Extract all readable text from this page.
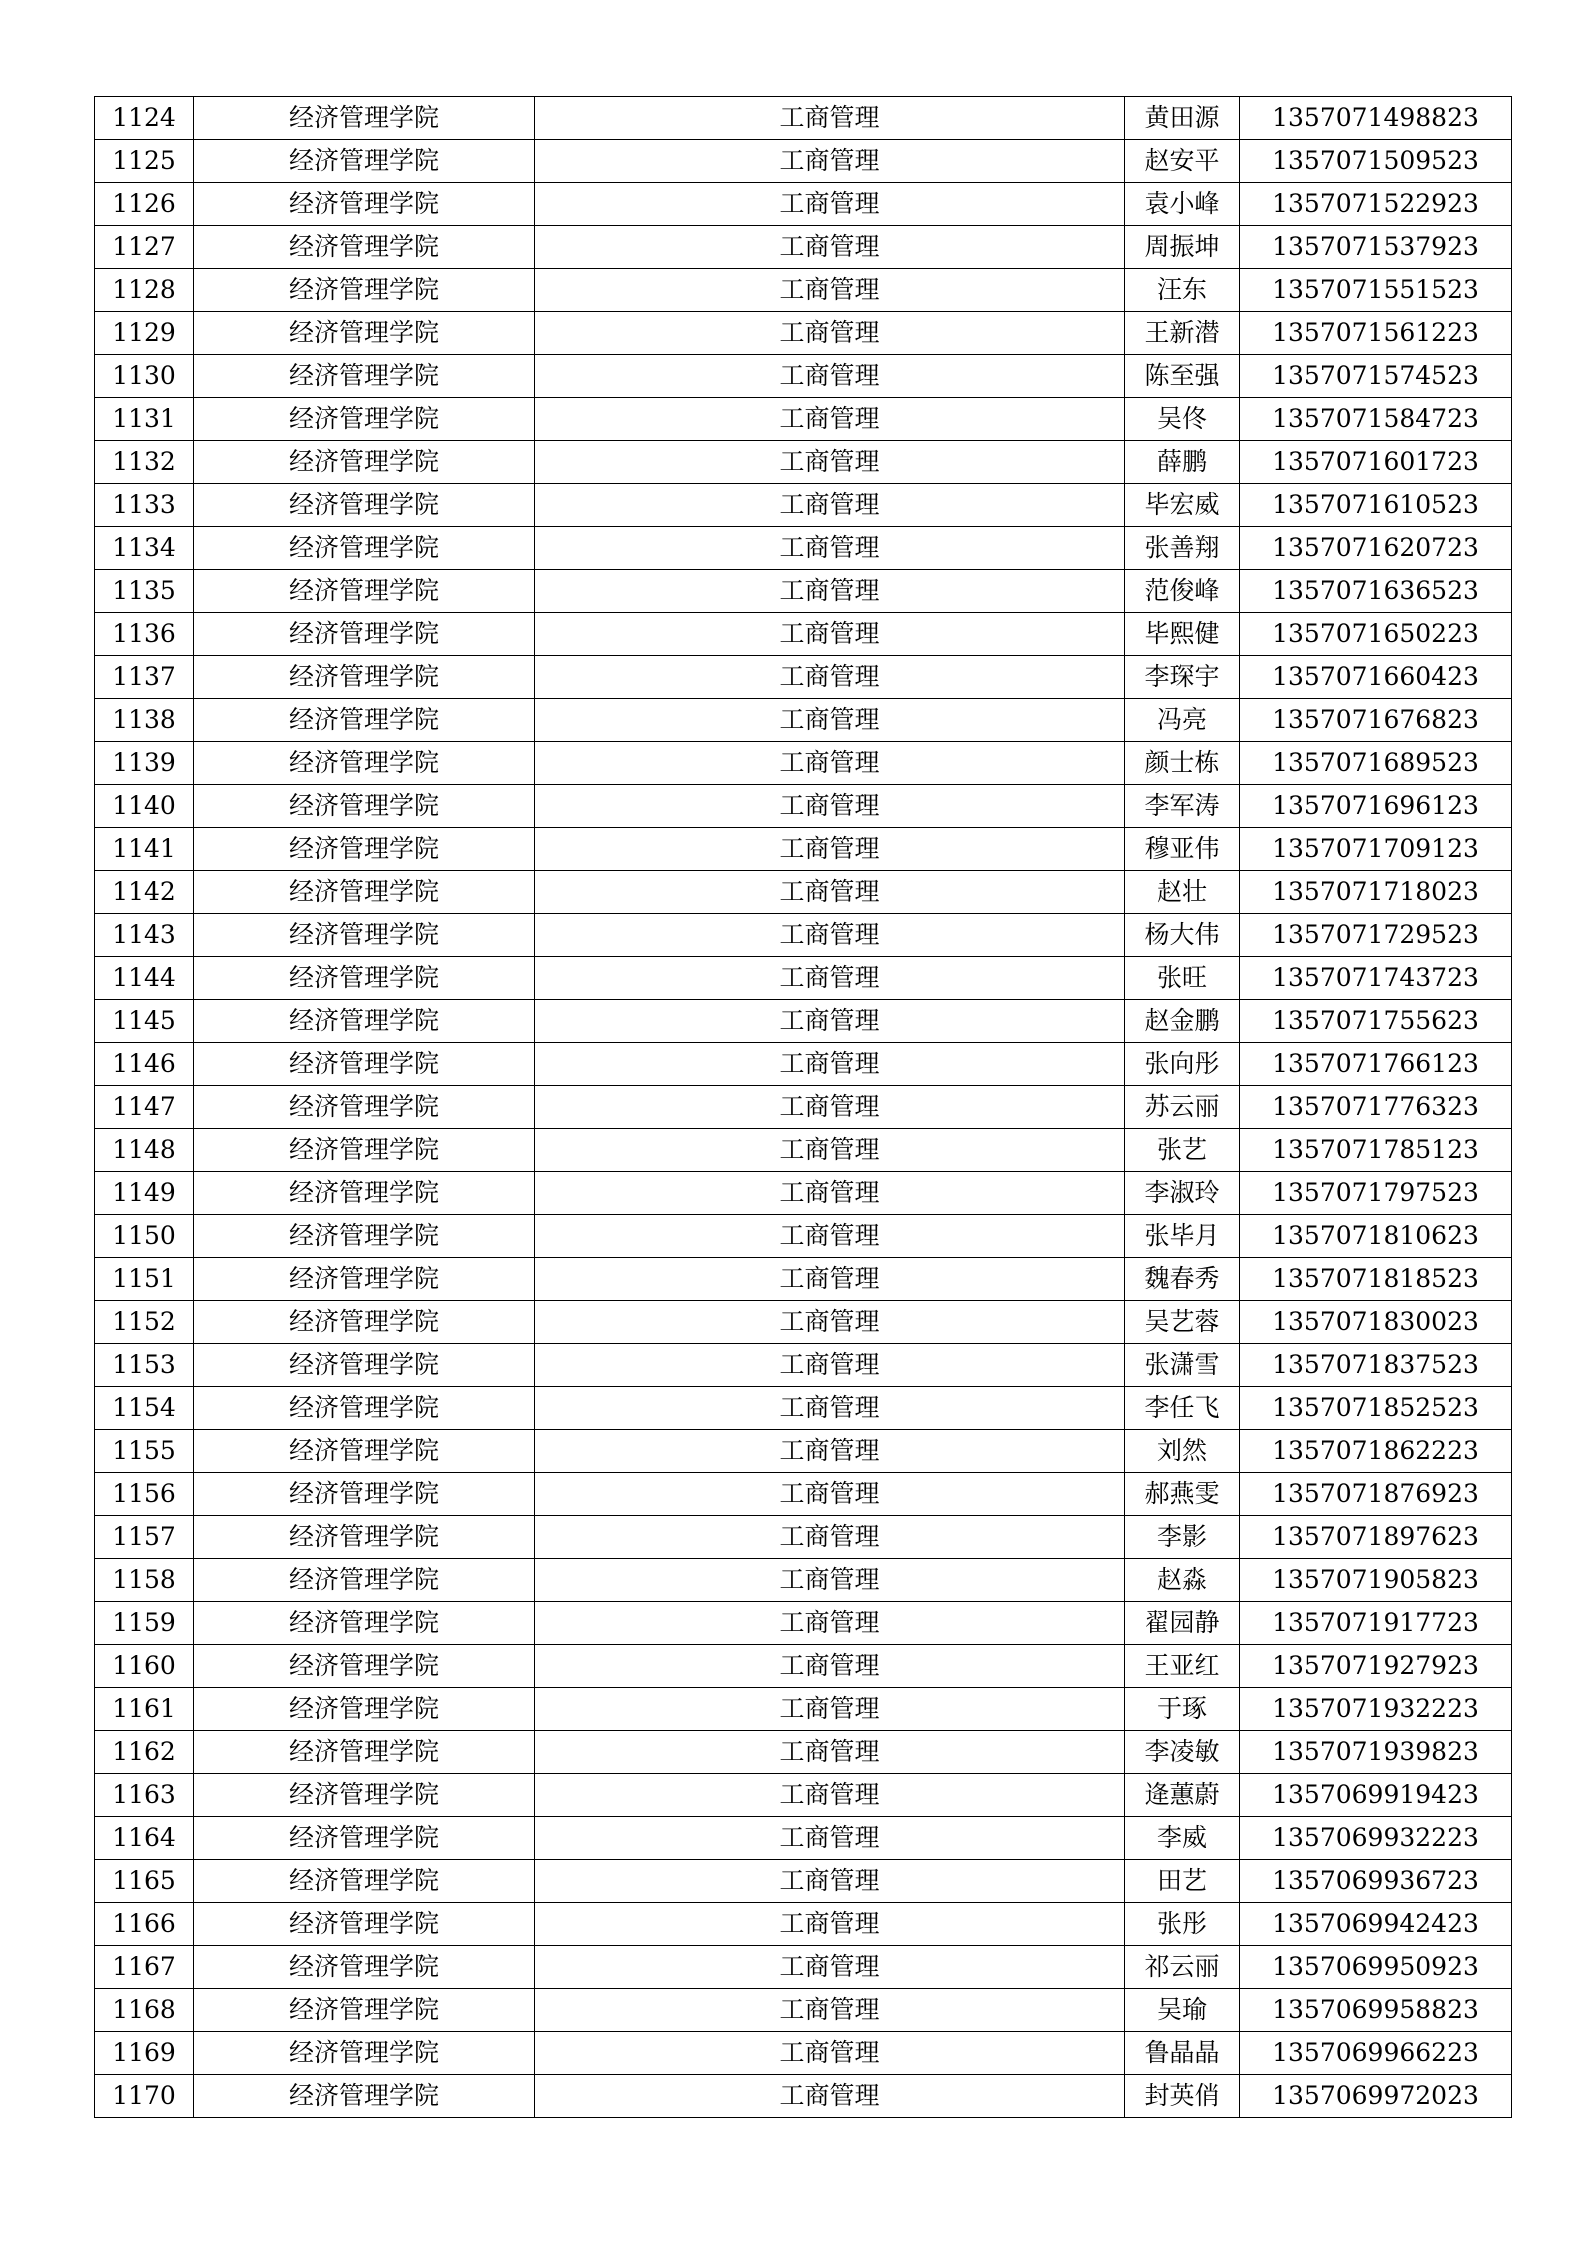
1124	经济管理学院	工商管理	黄田源	1357071498823
1125	经济管理学院	工商管理	赵安平	1357071509523
1126	经济管理学院	工商管理	袁小峰	1357071522923
1127	经济管理学院	工商管理	周振坤	1357071537923
1128	经济管理学院	工商管理	汪东	1357071551523
1129	经济管理学院	工商管理	王新潜	1357071561223
1130	经济管理学院	工商管理	陈至强	1357071574523
1131	经济管理学院	工商管理	吴佟	1357071584723
1132	经济管理学院	工商管理	薛鹏	1357071601723
1133	经济管理学院	工商管理	毕宏威	1357071610523
1134	经济管理学院	工商管理	张善翔	1357071620723
1135	经济管理学院	工商管理	范俊峰	1357071636523
1136	经济管理学院	工商管理	毕熙健	1357071650223
1137	经济管理学院	工商管理	李琛宇	1357071660423
1138	经济管理学院	工商管理	冯亮	1357071676823
1139	经济管理学院	工商管理	颜士栋	1357071689523
1140	经济管理学院	工商管理	李军涛	1357071696123
1141	经济管理学院	工商管理	穆亚伟	1357071709123
1142	经济管理学院	工商管理	赵壮	1357071718023
1143	经济管理学院	工商管理	杨大伟	1357071729523
1144	经济管理学院	工商管理	张旺	1357071743723
1145	经济管理学院	工商管理	赵金鹏	1357071755623
1146	经济管理学院	工商管理	张向彤	1357071766123
1147	经济管理学院	工商管理	苏云丽	1357071776323
1148	经济管理学院	工商管理	张艺	1357071785123
1149	经济管理学院	工商管理	李淑玲	1357071797523
1150	经济管理学院	工商管理	张毕月	1357071810623
1151	经济管理学院	工商管理	魏春秀	1357071818523
1152	经济管理学院	工商管理	吴艺蓉	1357071830023
1153	经济管理学院	工商管理	张潇雪	1357071837523
1154	经济管理学院	工商管理	李任飞	1357071852523
1155	经济管理学院	工商管理	刘然	1357071862223
1156	经济管理学院	工商管理	郝燕雯	1357071876923
1157	经济管理学院	工商管理	李影	1357071897623
1158	经济管理学院	工商管理	赵淼	1357071905823
1159	经济管理学院	工商管理	翟园静	1357071917723
1160	经济管理学院	工商管理	王亚红	1357071927923
1161	经济管理学院	工商管理	于琢	1357071932223
1162	经济管理学院	工商管理	李凌敏	1357071939823
1163	经济管理学院	工商管理	逄蕙蔚	1357069919423
1164	经济管理学院	工商管理	李威	1357069932223
1165	经济管理学院	工商管理	田艺	1357069936723
1166	经济管理学院	工商管理	张彤	1357069942423
1167	经济管理学院	工商管理	祁云丽	1357069950923
1168	经济管理学院	工商管理	吴瑜	1357069958823
1169	经济管理学院	工商管理	鲁晶晶	1357069966223
1170	经济管理学院	工商管理	封英俏	1357069972023
